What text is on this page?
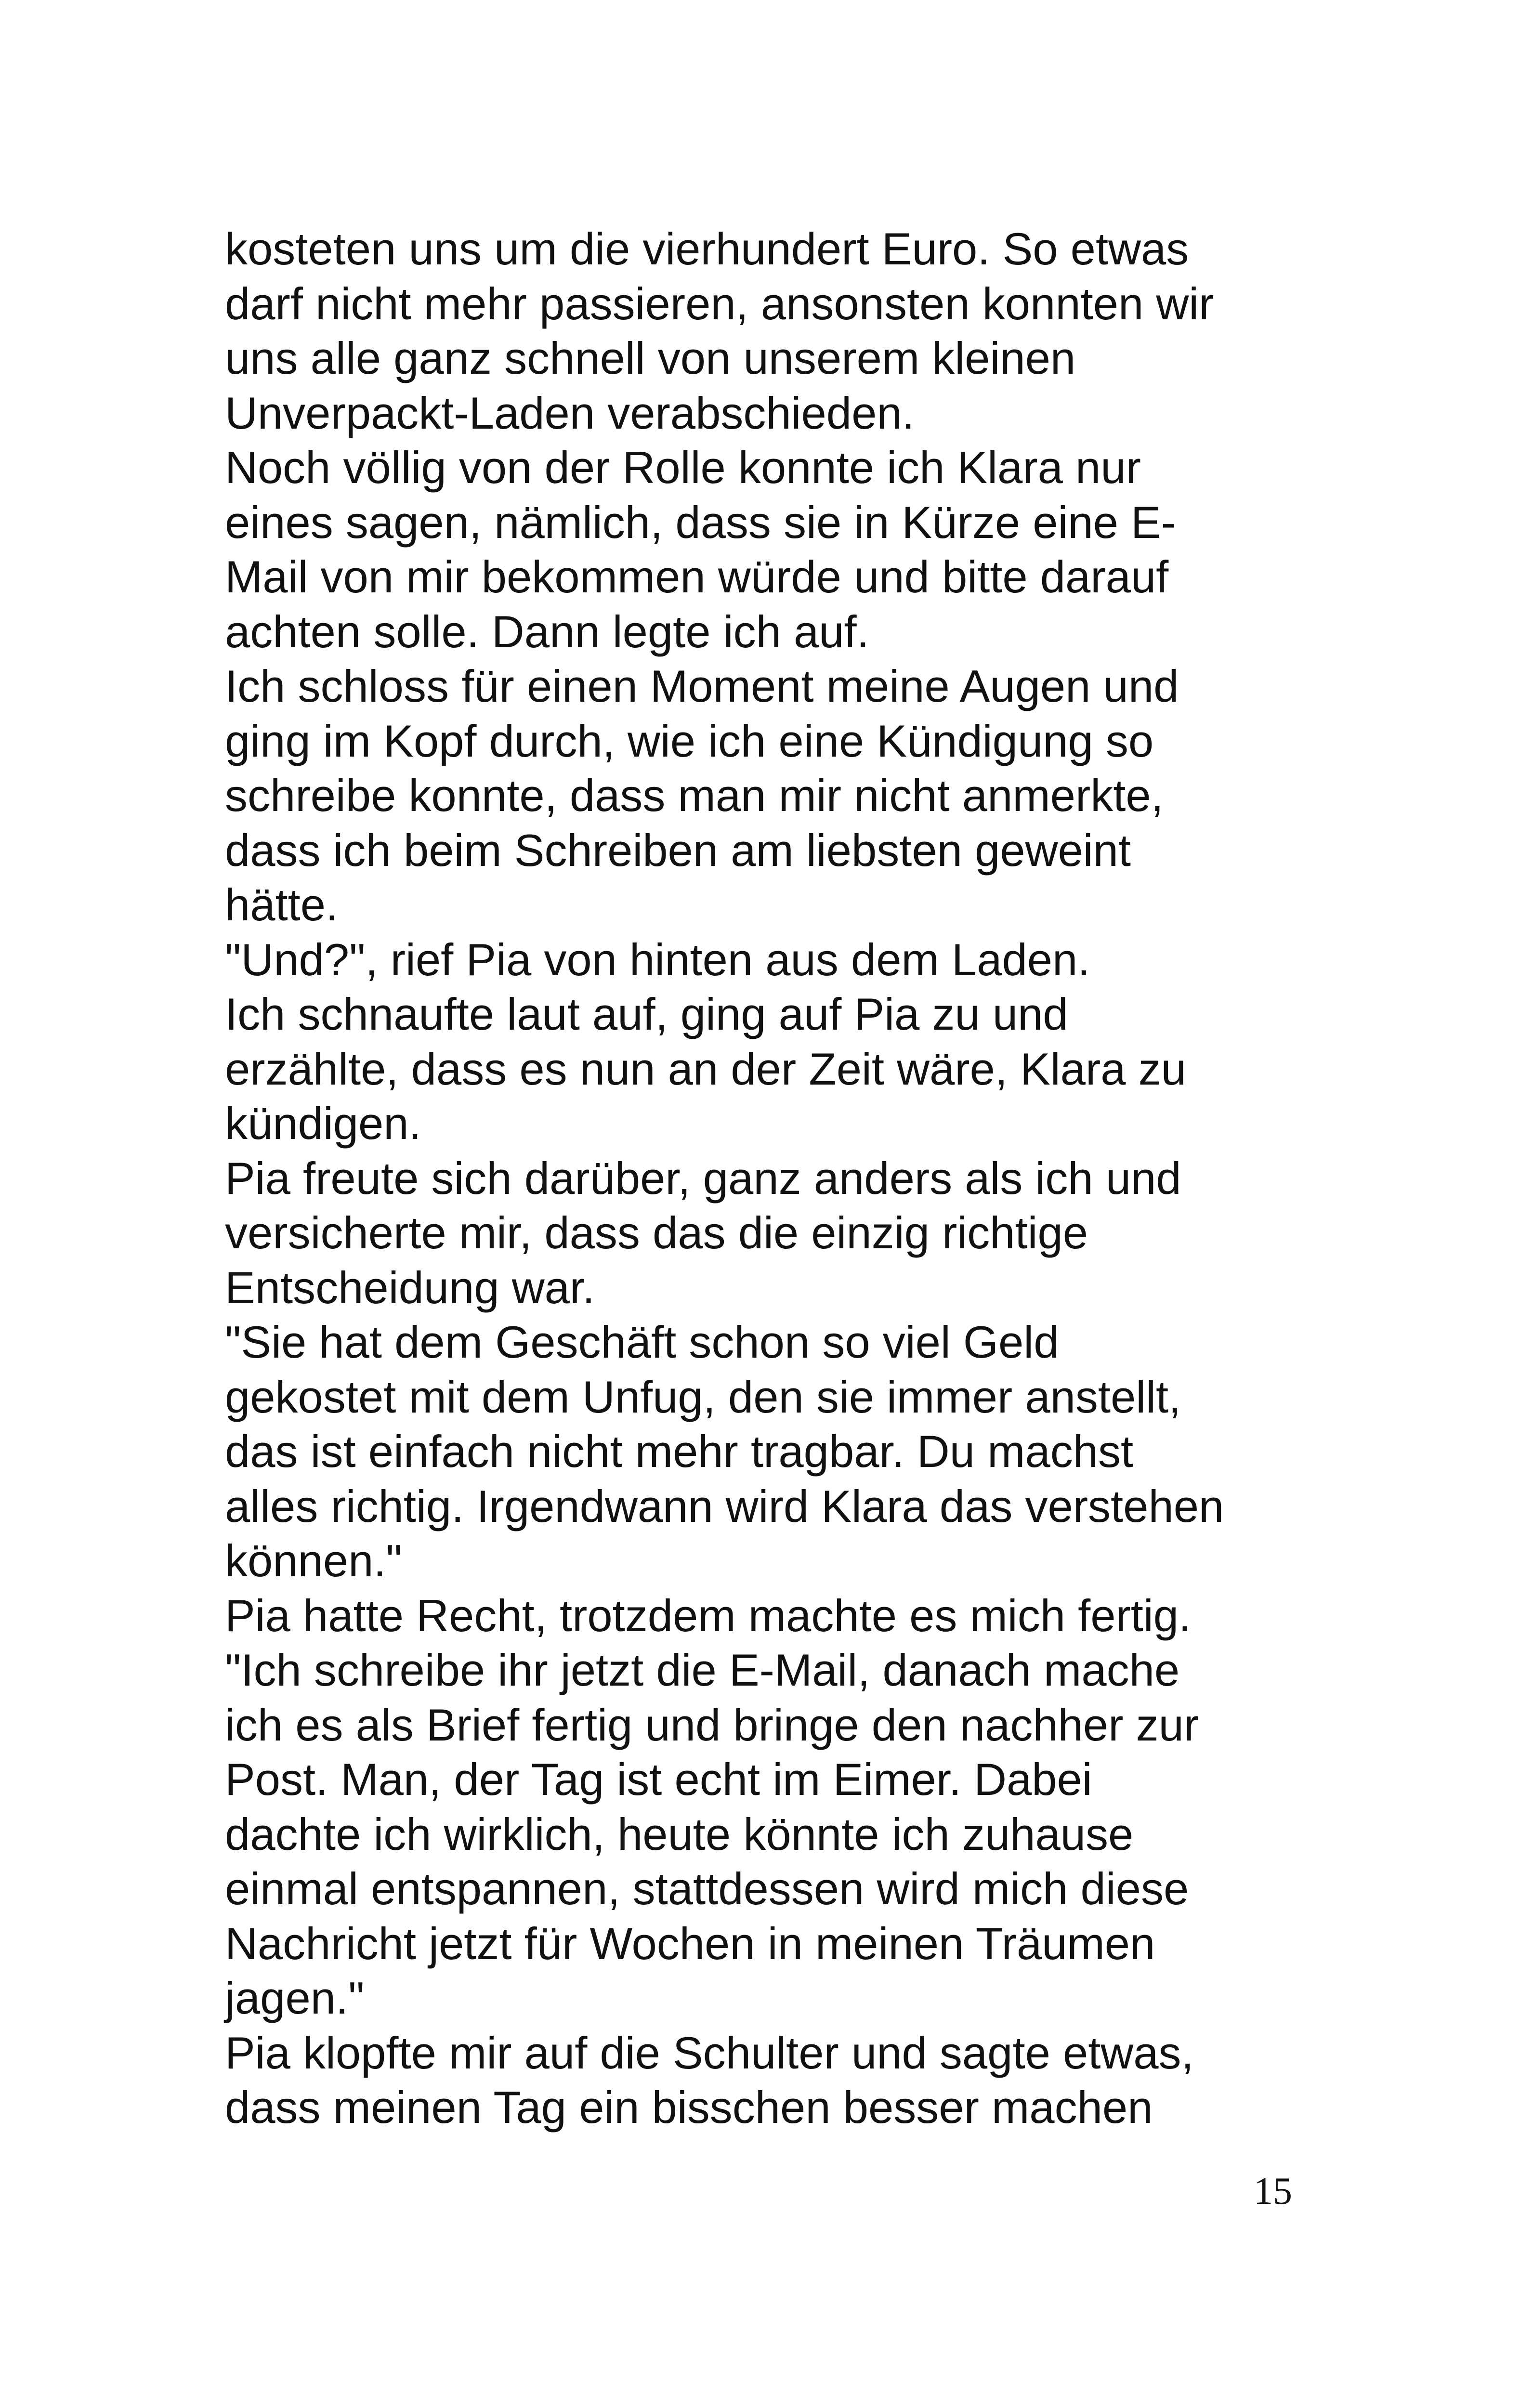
kosteten uns um die vierhundert Euro. So etwas
darf nicht mehr passieren, ansonsten konnten wir
uns alle ganz schnell von unserem kleinen
Unverpackt-Laden verabschieden.
Noch völlig von der Rolle konnte ich Klara nur
eines sagen, nämlich, dass sie in Kürze eine E-
Mail von mir bekommen würde und bitte darauf
achten solle. Dann legte ich auf.
Ich schloss für einen Moment meine Augen und
ging im Kopf durch, wie ich eine Kündigung so
schreibe konnte, dass man mir nicht anmerkte,
dass ich beim Schreiben am liebsten geweint
hätte.
"Und?", rief Pia von hinten aus dem Laden.
Ich schnaufte laut auf, ging auf Pia zu und
erzählte, dass es nun an der Zeit wäre, Klara zu
kündigen.
Pia freute sich darüber, ganz anders als ich und
versicherte mir, dass das die einzig richtige
Entscheidung war.
"Sie hat dem Geschäft schon so viel Geld
gekostet mit dem Unfug, den sie immer anstellt,
das ist einfach nicht mehr tragbar. Du machst
alles richtig. Irgendwann wird Klara das verstehen
können."
Pia hatte Recht, trotzdem machte es mich fertig.
"Ich schreibe ihr jetzt die E-Mail, danach mache
ich es als Brief fertig und bringe den nachher zur
Post. Man, der Tag ist echt im Eimer. Dabei
dachte ich wirklich, heute könnte ich zuhause
einmal entspannen, stattdessen wird mich diese
Nachricht jetzt für Wochen in meinen Träumen
jagen."
Pia klopfte mir auf die Schulter und sagte etwas,
dass meinen Tag ein bisschen besser machen
15
